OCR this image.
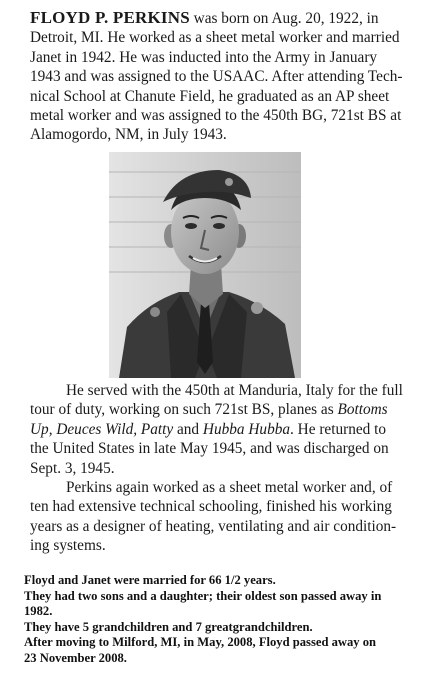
FLOYD P. PERKINS was born on Aug. 20, 1922, in
Detroit, MI. He worked as a sheet metal worker and married
Janet in 1942. He was inducted into the Army in January
1943 and was assigned to the USAAC. After attending Tech-
nical School at Chanute Field, he graduated as an AP sheet
metal worker and was assigned to the 450th BG, 721st BS at
Alamogordo, NM, in July 1943.
He served with the 450th at Manduria, Italy for the full
tour of duty, working on such 721st BS, planes as Bottoms
Up, Deuces Wild, Patty and Hubba Hubba. He returned to
the United States in late May 1945, and was discharged on
Sept. 3, 1945.
Perkins again worked as a sheet metal worker and, of
ten had extensive technical schooling, finished his working
years as a designer of heating, ventilating and air condition-
ing systems.
Floyd and Janet were married for 66 1/2 years.
They had two sons and a daughter; their oldest son passed away in
1982.
They have 5 grandchildren and 7 greatgrandchildren.
After moving to Milford, MI, in May, 2008, Floyd passed away on
23 November 2008.
